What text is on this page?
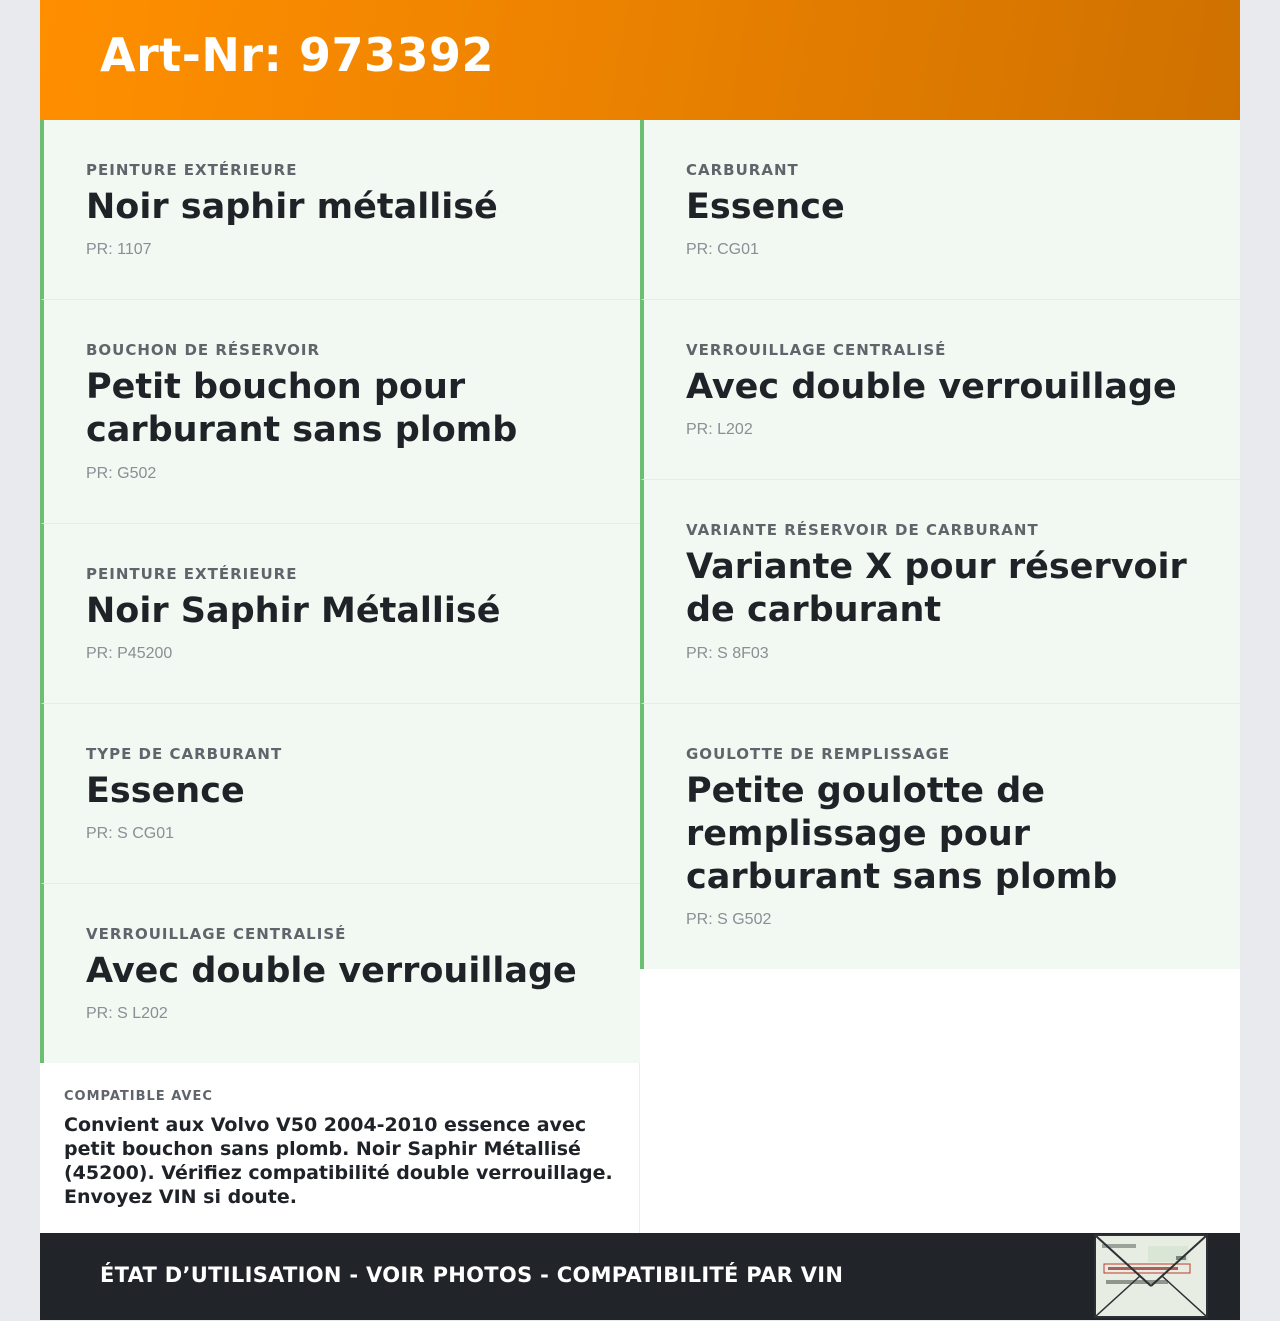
Art-Nr: 973392
PEINTURE EXTÉRIEURE
Noir saphir métallisé
PR: 1107
BOUCHON DE RÉSERVOIR
Petit bouchon pour carburant sans plomb
PR: G502
PEINTURE EXTÉRIEURE
Noir Saphir Métallisé
PR: P45200
TYPE DE CARBURANT
Essence
PR: S CG01
VERROUILLAGE CENTRALISÉ
Avec double verrouillage
PR: S L202
CARBURANT
Essence
PR: CG01
VERROUILLAGE CENTRALISÉ
Avec double verrouillage
PR: L202
VARIANTE RÉSERVOIR DE CARBURANT
Variante X pour réservoir de carburant
PR: S 8F03
GOULOTTE DE REMPLISSAGE
Petite goulotte de remplissage pour carburant sans plomb
PR: S G502
COMPATIBLE AVEC
Convient aux Volvo V50 2004-2010 essence avec petit bouchon sans plomb. Noir Saphir Métallisé (45200). Vérifiez compatibilité double verrouillage. Envoyez VIN si doute.
ÉTAT D’UTILISATION - VOIR PHOTOS - COMPATIBILITÉ PAR VIN
